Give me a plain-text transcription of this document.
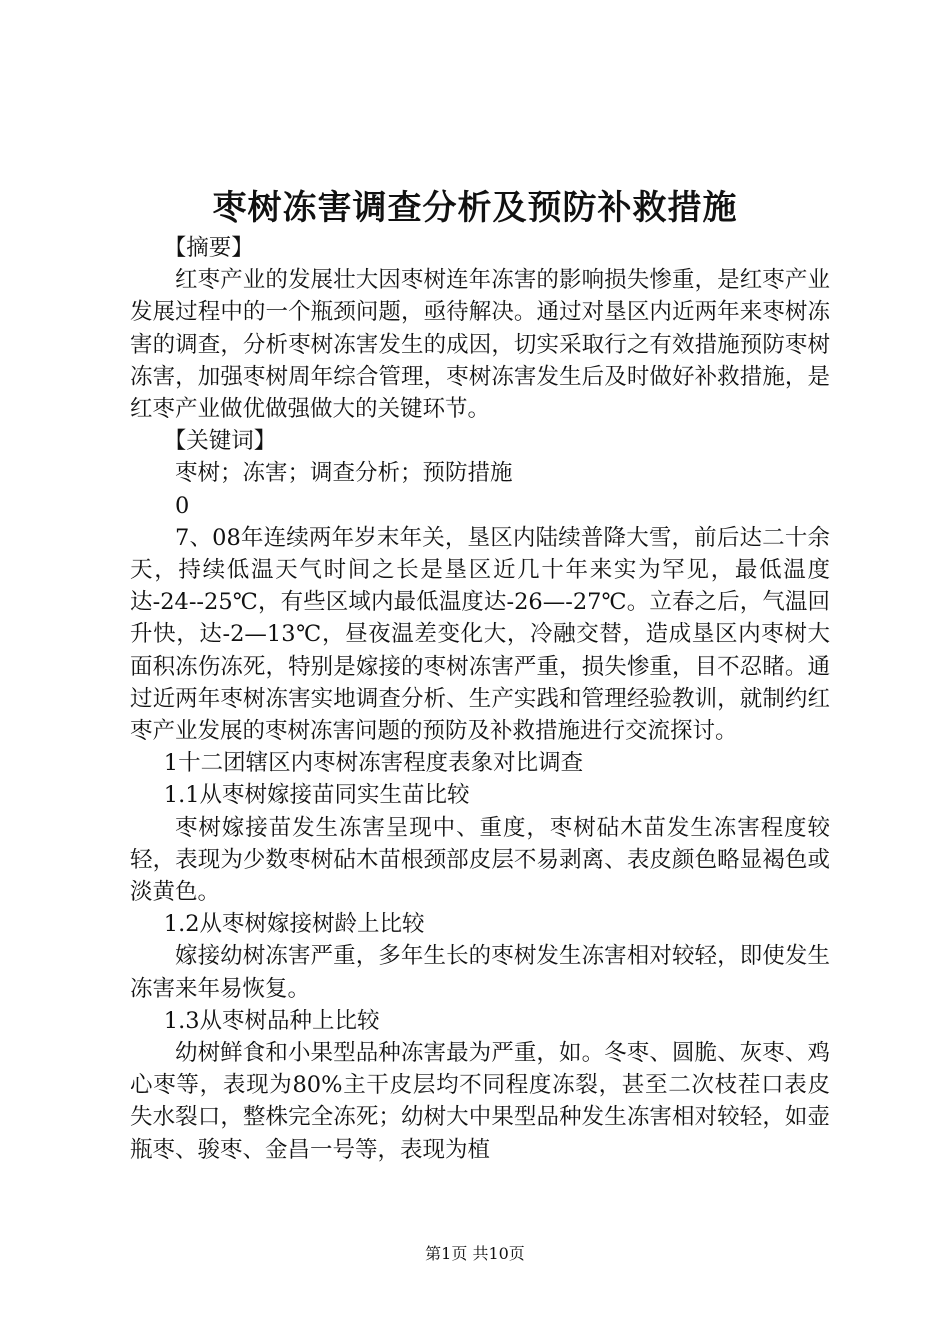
枣树冻害调查分析及预防补救措施

【摘要】

红枣产业的发展壮大因枣树连年冻害的影响损失惨重，是红枣产业发展过程中的一个瓶颈问题，亟待解决。通过对垦区内近两年来枣树冻害的调查，分析枣树冻害发生的成因，切实采取行之有效措施预防枣树冻害，加强枣树周年综合管理，枣树冻害发生后及时做好补救措施，是红枣产业做优做强做大的关键环节。

【关键词】

枣树；冻害；调查分析；预防措施

0

7、08年连续两年岁末年关，垦区内陆续普降大雪，前后达二十余天，持续低温天气时间之长是垦区近几十年来实为罕见，最低温度达-24--25℃，有些区域内最低温度达-26—-27℃。立春之后，气温回升快，达-2—13℃，昼夜温差变化大，冷融交替，造成垦区内枣树大面积冻伤冻死，特别是嫁接的枣树冻害严重，损失惨重，目不忍睹。通过近两年枣树冻害实地调查分析、生产实践和管理经验教训，就制约红枣产业发展的枣树冻害问题的预防及补救措施进行交流探讨。

1十二团辖区内枣树冻害程度表象对比调查

1.1从枣树嫁接苗同实生苗比较

枣树嫁接苗发生冻害呈现中、重度，枣树砧木苗发生冻害程度较轻，表现为少数枣树砧木苗根颈部皮层不易剥离、表皮颜色略显褐色或淡黄色。

1.2从枣树嫁接树龄上比较

嫁接幼树冻害严重，多年生长的枣树发生冻害相对较轻，即使发生冻害来年易恢复。

1.3从枣树品种上比较

幼树鲜食和小果型品种冻害最为严重，如。冬枣、圆脆、灰枣、鸡心枣等，表现为80%主干皮层均不同程度冻裂，甚至二次枝茬口表皮失水裂口，整株完全冻死；幼树大中果型品种发生冻害相对较轻，如壶瓶枣、骏枣、金昌一号等，表现为植

第1页 共10页
